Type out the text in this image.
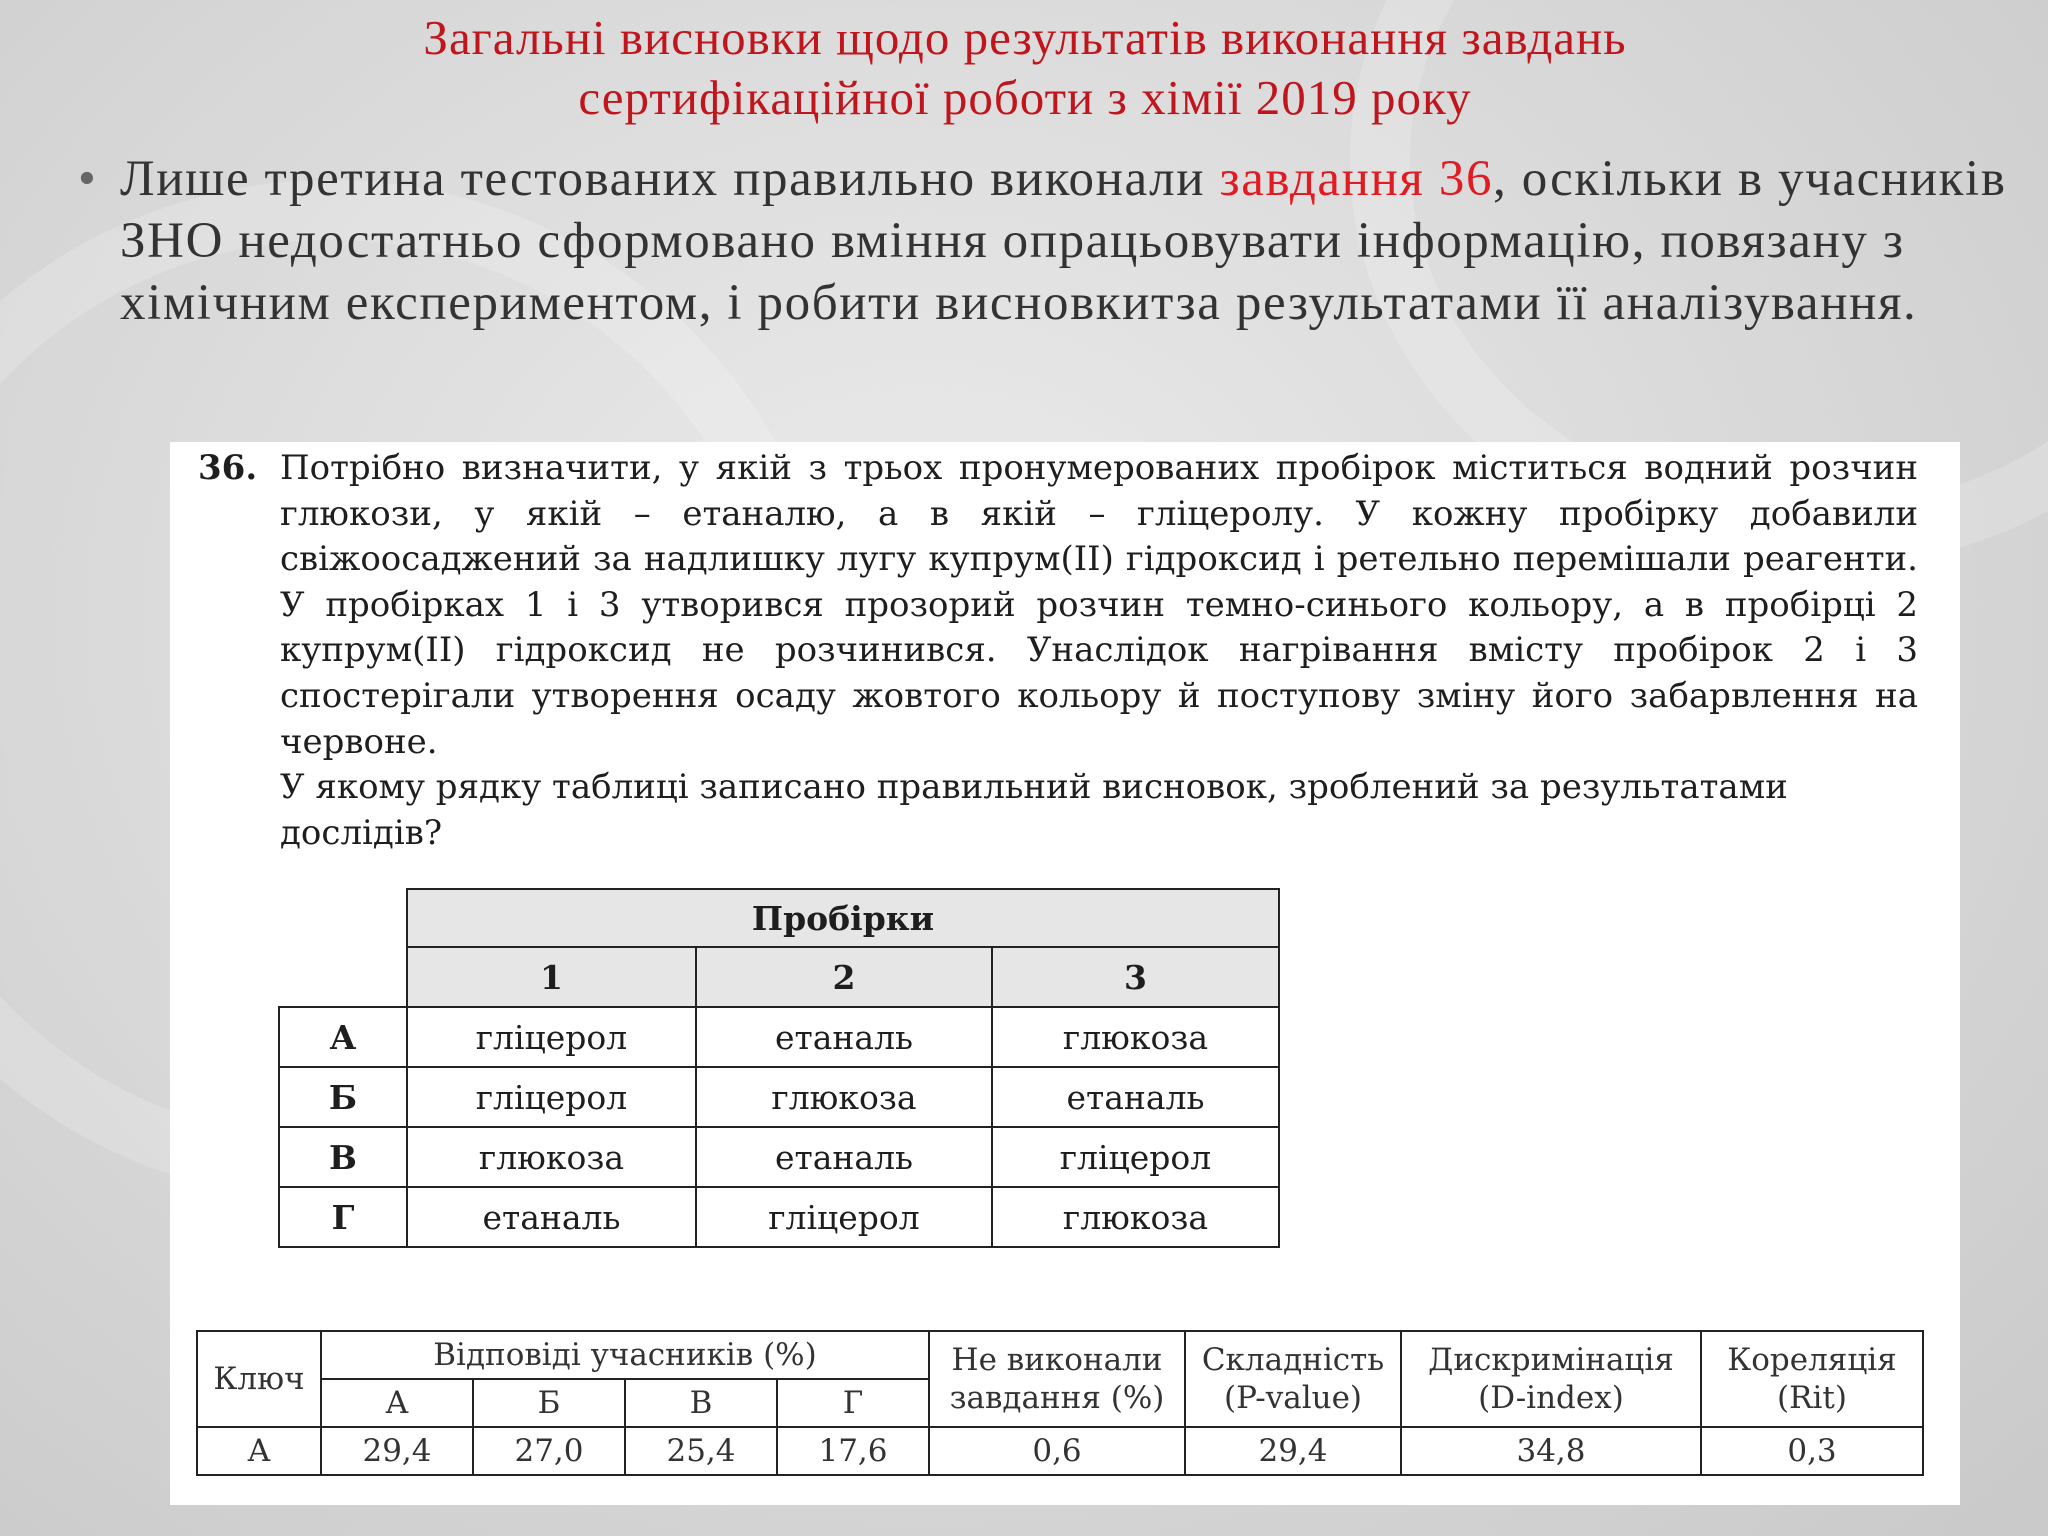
Загальні висновки щодо результатів виконання завдань
сертифікаційної роботи з хімії 2019 року
• Лише третина тестованих правильно виконали завдання 36, оскільки в учасників ЗНО недостатньо сформовано вміння опрацьовувати інформацію, повязану з хімічним експериментом, і робити висновкитза результатами її аналізування.
36. Потрібно визначити, у якій з трьох пронумерованих пробірок міститься водний розчин глюкози, у якій – етаналю, а в якій – гліцеролу. У кожну пробірку добавили свіжоосаджений за надлишку лугу купрум(II) гідроксид і ретельно перемішали реагенти. У пробірках 1 і 3 утворився прозорий розчин темно-синього кольору, а в пробірці 2 купрум(II) гідроксид не розчинився. Унаслідок нагрівання вмісту пробірок 2 і 3 спостерігали утворення осаду жовтого кольору й поступову зміну його забарвлення на червоне.

У якому рядку таблиці записано правильний висновок, зроблений за результатами дослідів?

	Пробірки		
	1	2	3
А	гліцерол	етаналь	глюкоза
Б	гліцерол	глюкоза	етаналь
В	глюкоза	етаналь	гліцерол
Г	етаналь	гліцерол	глюкоза
Ключ	Відповіді учасників (%)				Не виконали завдання (%)	Складність (P-value)	Дискримінація (D-index)	Кореляція (Rit)
	А	Б	В	Г				
А	29,4	27,0	25,4	17,6	0,6	29,4	34,8	0,3
